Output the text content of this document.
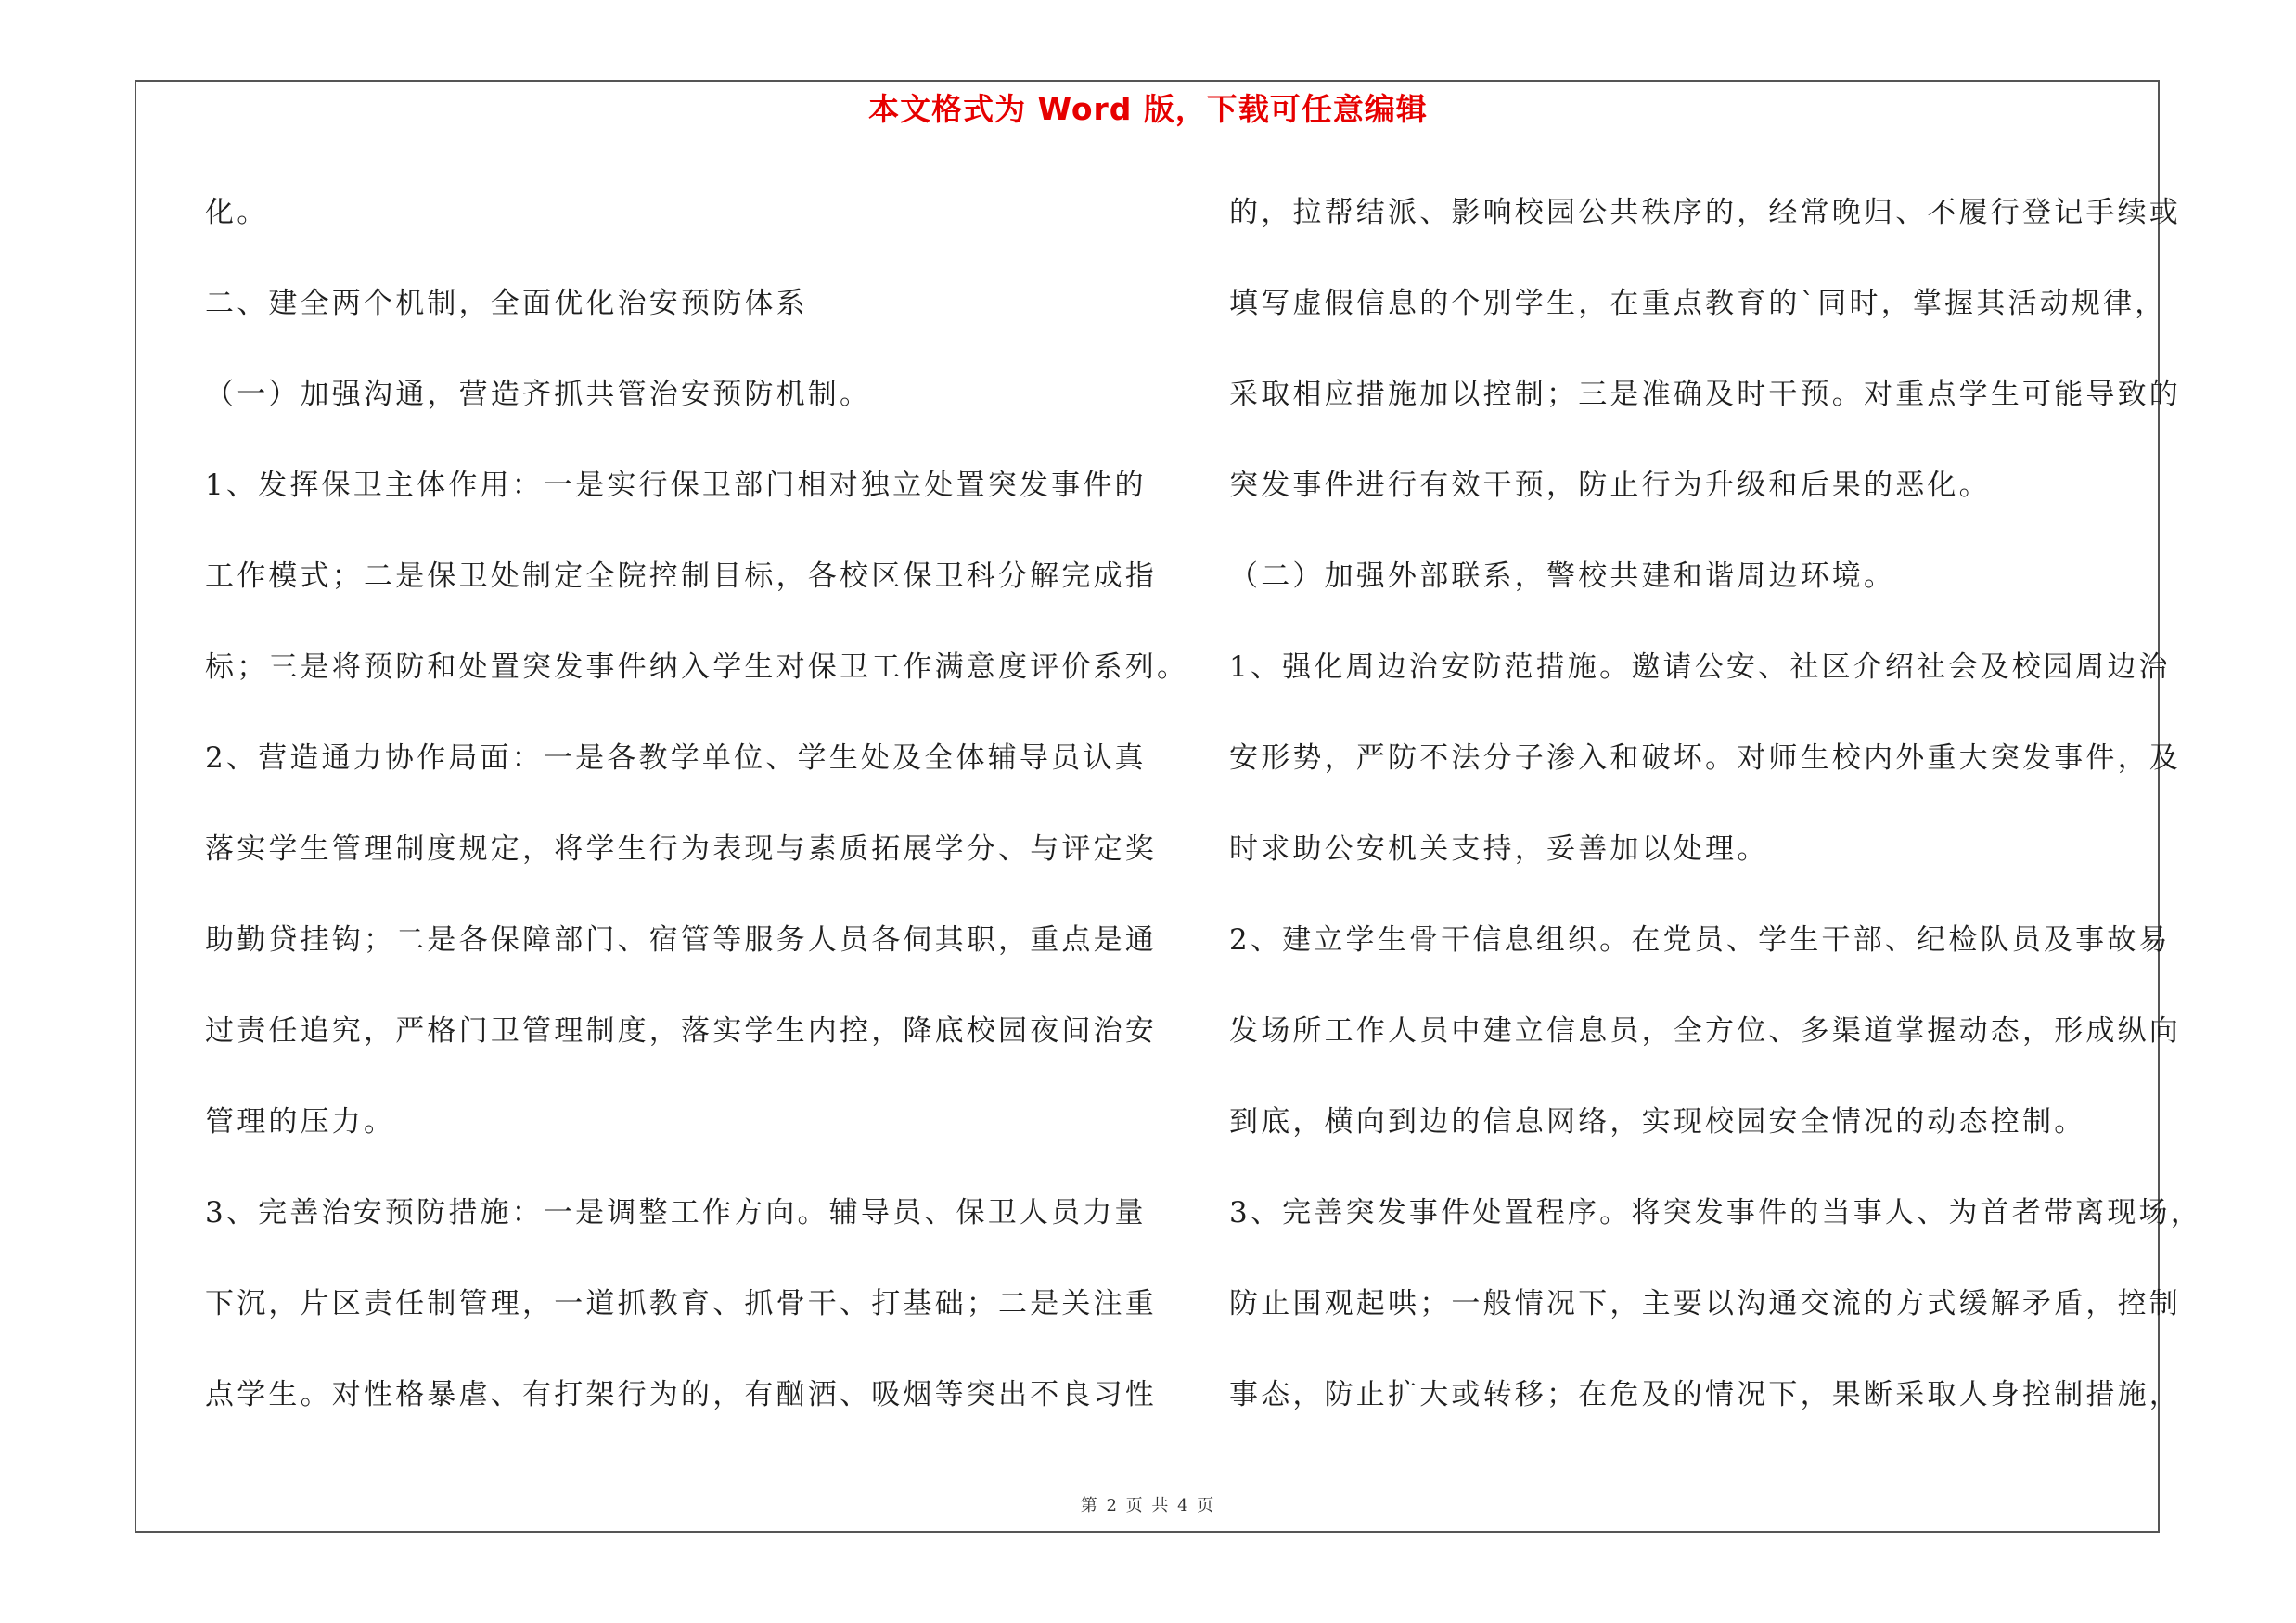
本文格式为 Word 版，下载可任意编辑
化。
二、建全两个机制，全面优化治安预防体系
（一）加强沟通，营造齐抓共管治安预防机制。
1、发挥保卫主体作用：一是实行保卫部门相对独立处置突发事件的
工作模式；二是保卫处制定全院控制目标，各校区保卫科分解完成指
标；三是将预防和处置突发事件纳入学生对保卫工作满意度评价系列。
2、营造通力协作局面：一是各教学单位、学生处及全体辅导员认真
落实学生管理制度规定，将学生行为表现与素质拓展学分、与评定奖
助勤贷挂钩；二是各保障部门、宿管等服务人员各伺其职，重点是通
过责任追究，严格门卫管理制度，落实学生内控，降底校园夜间治安
管理的压力。
3、完善治安预防措施：一是调整工作方向。辅导员、保卫人员力量
下沉，片区责任制管理，一道抓教育、抓骨干、打基础；二是关注重
点学生。对性格暴虐、有打架行为的，有酗酒、吸烟等突出不良习性
的，拉帮结派、影响校园公共秩序的，经常晚归、不履行登记手续或
填写虚假信息的个别学生，在重点教育的`同时，掌握其活动规律，
采取相应措施加以控制；三是准确及时干预。对重点学生可能导致的
突发事件进行有效干预，防止行为升级和后果的恶化。
（二）加强外部联系，警校共建和谐周边环境。
1、强化周边治安防范措施。邀请公安、社区介绍社会及校园周边治
安形势，严防不法分子渗入和破坏。对师生校内外重大突发事件，及
时求助公安机关支持，妥善加以处理。
2、建立学生骨干信息组织。在党员、学生干部、纪检队员及事故易
发场所工作人员中建立信息员，全方位、多渠道掌握动态，形成纵向
到底，横向到边的信息网络，实现校园安全情况的动态控制。
3、完善突发事件处置程序。将突发事件的当事人、为首者带离现场，
防止围观起哄；一般情况下，主要以沟通交流的方式缓解矛盾，控制
事态，防止扩大或转移；在危及的情况下，果断采取人身控制措施，
第 2 页 共 4 页
